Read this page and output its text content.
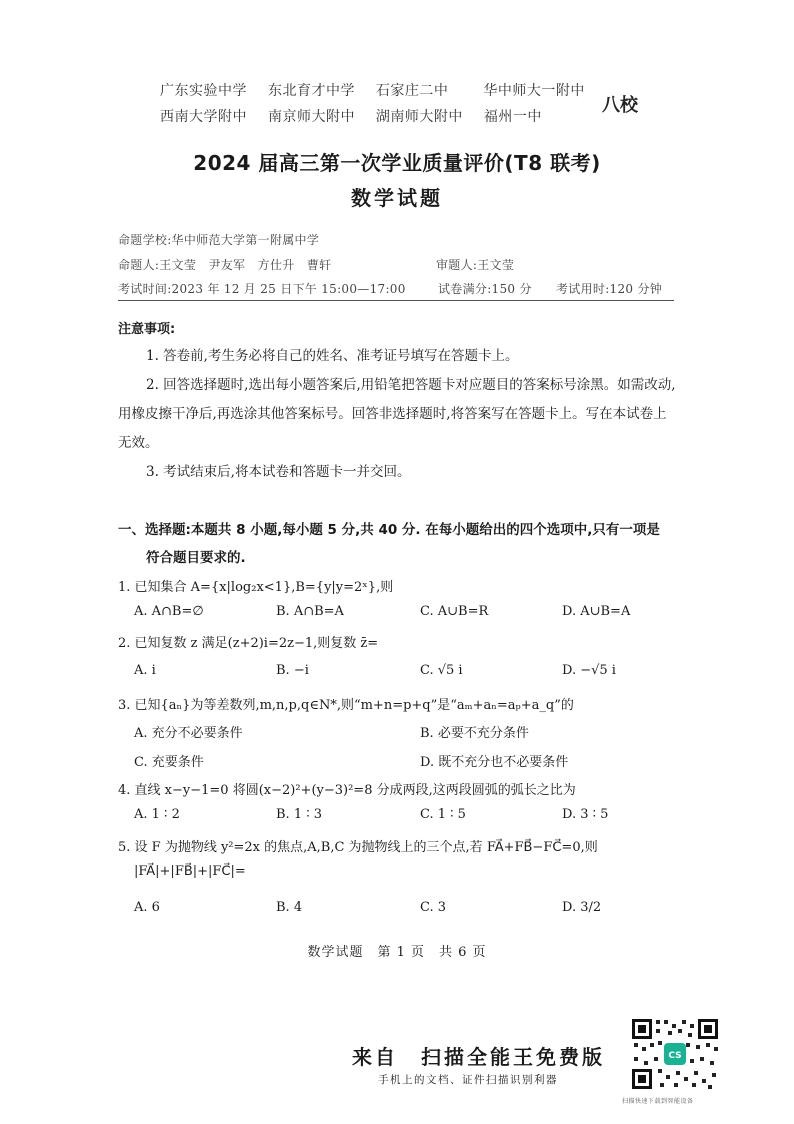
广东实验中学 东北育才中学 石家庄二中 华中师大一附中
西南大学附中 南京师大附中 湖南师大附中 福州一中
八校
2024 届高三第一次学业质量评价(T8 联考)
数学试题
命题学校:华中师范大学第一附属中学
命题人:王文莹　尹友军　方仕升　曹轩	审题人:王文莹
考试时间:2023 年 12 月 25 日下午 15:00—17:00	试卷满分:150 分 考试用时:120 分钟
注意事项:

1. 答卷前,考生务必将自己的姓名、准考证号填写在答题卡上。

2. 回答选择题时,选出每小题答案后,用铅笔把答题卡对应题目的答案标号涂黑。如需改动,用橡皮擦干净后,再选涂其他答案标号。回答非选择题时,将答案写在答题卡上。写在本试卷上无效。

3. 考试结束后,将本试卷和答题卡一并交回。

一、选择题:本题共 8 小题,每小题 5 分,共 40 分. 在每小题给出的四个选项中,只有一项是
符合题目要求的.
1. 已知集合 A={x|log₂x<1},B={y|y=2ˣ},则
A. A∩B=∅	B. A∩B=A	C. A∪B=R	D. A∪B=A
2. 已知复数 z 满足(z+2)i=2z−1,则复数 z̄=
A. i	B. −i	C. √5 i	D. −√5 i
3. 已知{aₙ}为等差数列,m,n,p,q∈N*,则“m+n=p+q”是“aₘ+aₙ=aₚ+a_q”的
A. 充分不必要条件	B. 必要不充分条件
C. 充要条件	D. 既不充分也不必要条件
4. 直线 x−y−1=0 将圆(x−2)²+(y−3)²=8 分成两段,这两段圆弧的弧长之比为
A. 1 ∶ 2	B. 1 ∶ 3	C. 1 ∶ 5	D. 3 ∶ 5
5. 设 F 为抛物线 y²=2x 的焦点,A,B,C 为抛物线上的三个点,若 FA⃗+FB⃗−FC⃗=0,则
|FA⃗|+|FB⃗|+|FC⃗|=
A. 6	B. 4	C. 3	D. 3/2
数学试题　第 1 页　共 6 页
来自　扫描全能王免费版
手机上的文档、证件扫描识别利器
CS
扫描快速下载到智能设备
